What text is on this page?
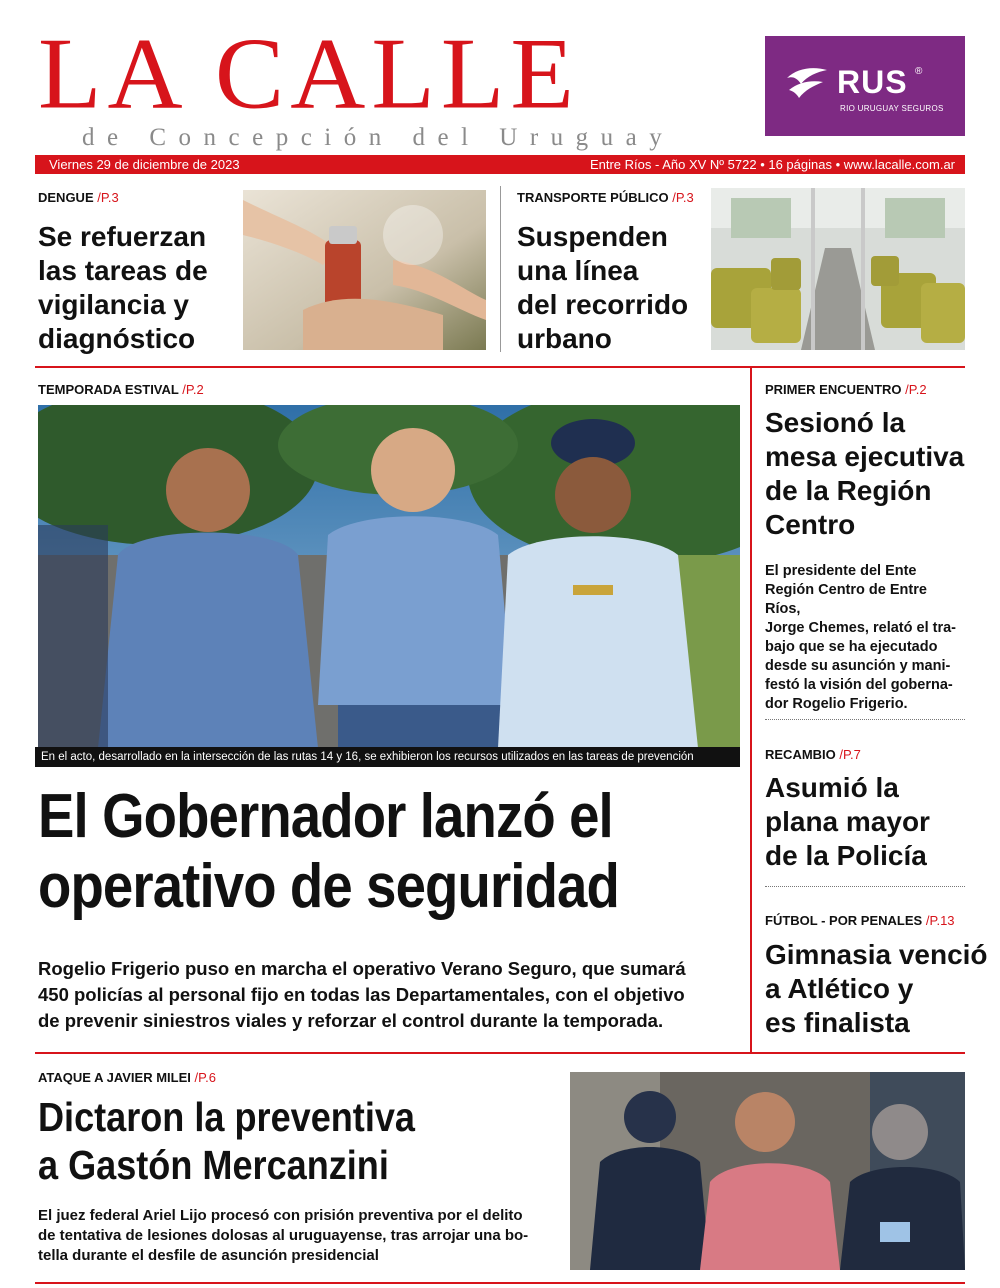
LA CALLE
de Concepción del Uruguay
RUS ®
RIO URUGUAY SEGUROS
Viernes 29 de diciembre de 2023	Entre Ríos - Año XV Nº 5722 • 16 páginas • www.lacalle.com.ar
DENGUE /P.3
Se refuerzan
las tareas de
vigilancia y
diagnóstico
TRANSPORTE PÚBLICO /P.3
Suspenden
una línea
del recorrido
urbano
TEMPORADA ESTIVAL /P.2
En el acto, desarrollado en la intersección de las rutas 14 y 16, se exhibieron los recursos utilizados en las tareas de prevención
El Gobernador lanzó el
operativo de seguridad
Rogelio Frigerio puso en marcha el operativo Verano Seguro, que sumará
450 policías al personal fijo en todas las Departamentales, con el objetivo
de prevenir siniestros viales y reforzar el control durante la temporada.
PRIMER ENCUENTRO /P.2
Sesionó la
mesa ejecutiva
de la Región
Centro
El presidente del Ente
Región Centro de Entre Ríos,
Jorge Chemes, relató el tra-
bajo que se ha ejecutado
desde su asunción y mani-
festó la visión del goberna-
dor Rogelio Frigerio.
RECAMBIO /P.7
Asumió la
plana mayor
de la Policía
FÚTBOL - POR PENALES /P.13
Gimnasia venció
a Atlético y
es finalista
ATAQUE A JAVIER MILEI /P.6
Dictaron la preventiva
a Gastón Mercanzini
El juez federal Ariel Lijo procesó con prisión preventiva por el delito
de tentativa de lesiones dolosas al uruguayense, tras arrojar una bo-
tella durante el desfile de asunción presidencial
